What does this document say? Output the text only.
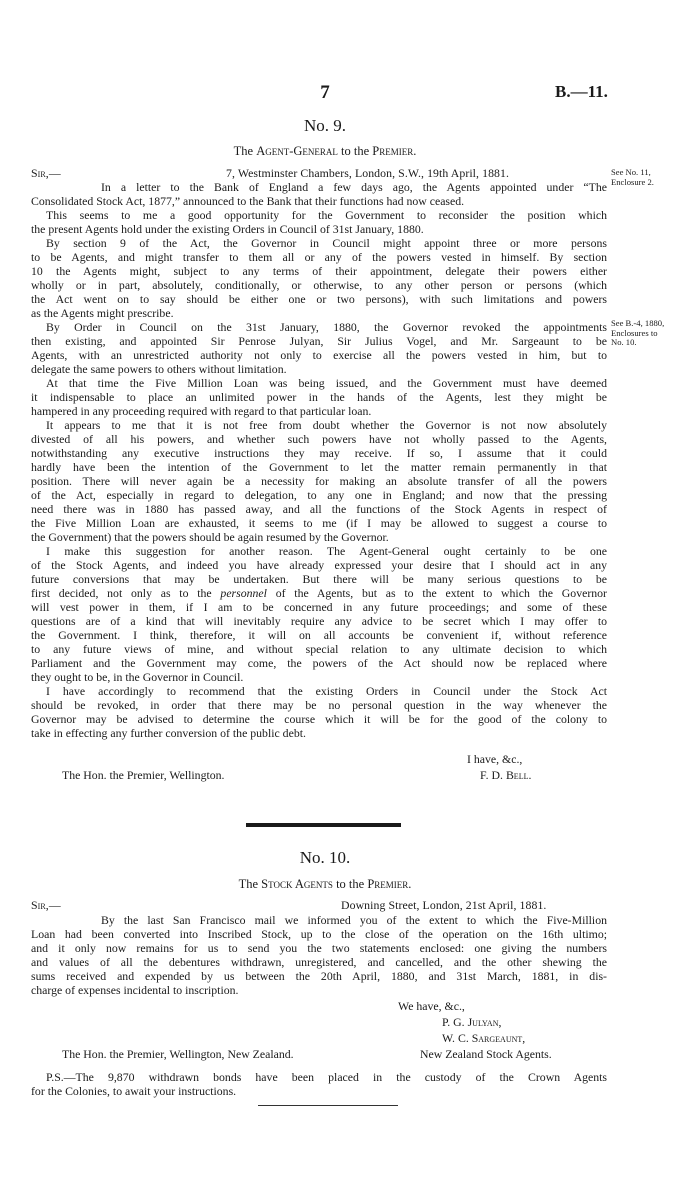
7	B.—11.
No. 9.
The Agent-General to the Premier.
Sir,—	7, Westminster Chambers, London, S.W., 19th April, 1881.	See No. 11,
Enclosure 2.
See B.-4, 1880,
Enclosures to
No. 10.
In a letter to the Bank of England a few days ago, the Agents appointed under “The
Consolidated Stock Act, 1877,” announced to the Bank that their functions had now ceased.
This seems to me a good opportunity for the Government to reconsider the position which
the present Agents hold under the existing Orders in Council of 31st January, 1880.
By section 9 of the Act, the Governor in Council might appoint three or more persons
to be Agents, and might transfer to them all or any of the powers vested in himself. By section
10 the Agents might, subject to any terms of their appointment, delegate their powers either
wholly or in part, absolutely, conditionally, or otherwise, to any other person or persons (which
the Act went on to say should be either one or two persons), with such limitations and powers
as the Agents might prescribe.
By Order in Council on the 31st January, 1880, the Governor revoked the appointments
then existing, and appointed Sir Penrose Julyan, Sir Julius Vogel, and Mr. Sargeaunt to be
Agents, with an unrestricted authority not only to exercise all the powers vested in him, but to
delegate the same powers to others without limitation.
At that time the Five Million Loan was being issued, and the Government must have deemed
it indispensable to place an unlimited power in the hands of the Agents, lest they might be
hampered in any proceeding required with regard to that particular loan.
It appears to me that it is not free from doubt whether the Governor is not now absolutely
divested of all his powers, and whether such powers have not wholly passed to the Agents,
notwithstanding any executive instructions they may receive. If so, I assume that it could
hardly have been the intention of the Government to let the matter remain permanently in that
position. There will never again be a necessity for making an absolute transfer of all the powers
of the Act, especially in regard to delegation, to any one in England; and now that the pressing
need there was in 1880 has passed away, and all the functions of the Stock Agents in respect of
the Five Million Loan are exhausted, it seems to me (if I may be allowed to suggest a course to
the Government) that the powers should be again resumed by the Governor.
I make this suggestion for another reason. The Agent-General ought certainly to be one
of the Stock Agents, and indeed you have already expressed your desire that I should act in any
future conversions that may be undertaken. But there will be many serious questions to be
first decided, not only as to the personnel of the Agents, but as to the extent to which the Governor
will vest power in them, if I am to be concerned in any future proceedings; and some of these
questions are of a kind that will inevitably require any advice to be secret which I may offer to
the Government. I think, therefore, it will on all accounts be convenient if, without reference
to any future views of mine, and without special relation to any ultimate decision to which
Parliament and the Government may come, the powers of the Act should now be replaced where
they ought to be, in the Governor in Council.
I have accordingly to recommend that the existing Orders in Council under the Stock Act
should be revoked, in order that there may be no personal question in the way whenever the
Governor may be advised to determine the course which it will be for the good of the colony to
take in effecting any further conversion of the public debt.
I have, &c.,
The Hon. the Premier, Wellington.	F. D. Bell.
No. 10.
The Stock Agents to the Premier.
Sir,—	Downing Street, London, 21st April, 1881.
By the last San Francisco mail we informed you of the extent to which the Five-Million
Loan had been converted into Inscribed Stock, up to the close of the operation on the 16th ultimo;
and it only now remains for us to send you the two statements enclosed: one giving the numbers
and values of all the debentures withdrawn, unregistered, and cancelled, and the other shewing the
sums received and expended by us between the 20th April, 1880, and 31st March, 1881, in dis-
charge of expenses incidental to inscription.
We have, &c.,
P. G. Julyan,
W. C. Sargeaunt,
The Hon. the Premier, Wellington, New Zealand.	New Zealand Stock Agents.
P.S.—The 9,870 withdrawn bonds have been placed in the custody of the Crown Agents
for the Colonies, to await your instructions.
